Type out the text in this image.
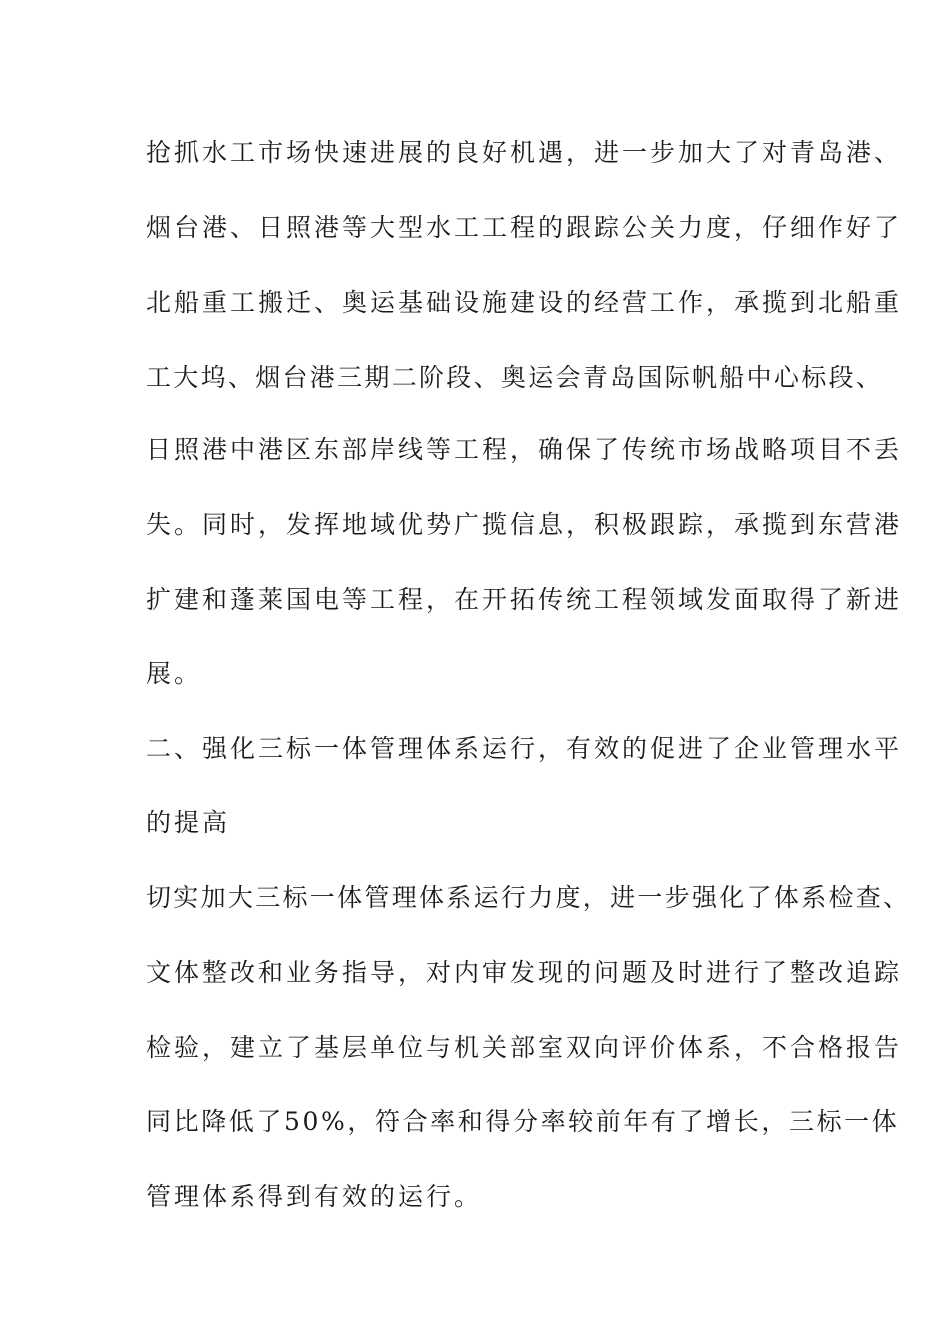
抢抓水工市场快速进展的良好机遇，进一步加大了对青岛港、
烟台港、日照港等大型水工工程的跟踪公关力度，仔细作好了
北船重工搬迁、奥运基础设施建设的经营工作，承揽到北船重
工大坞、烟台港三期二阶段、奥运会青岛国际帆船中心标段、
日照港中港区东部岸线等工程，确保了传统市场战略项目不丢
失。同时，发挥地域优势广揽信息，积极跟踪，承揽到东营港
扩建和蓬莱国电等工程，在开拓传统工程领域发面取得了新进
展。
二、强化三标一体管理体系运行，有效的促进了企业管理水平
的提高
切实加大三标一体管理体系运行力度，进一步强化了体系检查、
文体整改和业务指导，对内审发现的问题及时进行了整改追踪
检验，建立了基层单位与机关部室双向评价体系，不合格报告
同比降低了50%，符合率和得分率较前年有了增长，三标一体
管理体系得到有效的运行。
